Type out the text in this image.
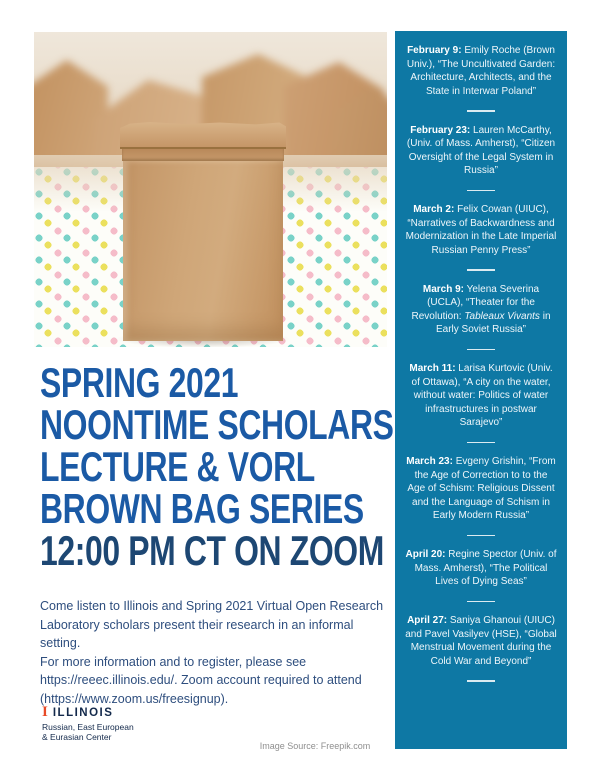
February 9: Emily Roche (Brown Univ.), “The Uncultivated Garden: Architecture, Architects, and the State in Interwar Poland”
February 23: Lauren McCarthy, (Univ. of Mass. Amherst), “Citizen Oversight of the Legal System in Russia”
March 2: Felix Cowan (UIUC), “Narratives of Backwardness and Modernization in the Late Imperial Russian Penny Press”
March 9: Yelena Severina (UCLA), “Theater for the Revolution: Tableaux Vivants in Early Soviet Russia”
March 11: Larisa Kurtovic (Univ. of Ottawa), “A city on the water, without water: Politics of water infrastructures in postwar Sarajevo”
March 23: Evgeny Grishin, “From the Age of Correction to to the Age of Schism: Religious Dissent and the Language of Schism in Early Modern Russia”
April 20: Regine Spector (Univ. of Mass. Amherst), “The Political Lives of Dying Seas”
April 27: Saniya Ghanoui (UIUC) and Pavel Vasilyev (HSE), “Global Menstrual Movement during the Cold War and Beyond”
SPRING 2021
NOONTIME SCHOLARS
LECTURE & VORL
BROWN BAG SERIES
12:00 PM CT ON ZOOM

Come listen to Illinois and Spring 2021 Virtual Open Research
Laboratory scholars present their research in an informal setting.
For more information and to register, please see
https://reeec.illinois.edu/. Zoom account required to attend
(https://www.zoom.us/freesignup).

I ILLINOIS
Russian, East European
& Eurasian Center
Image Source: Freepik.com
